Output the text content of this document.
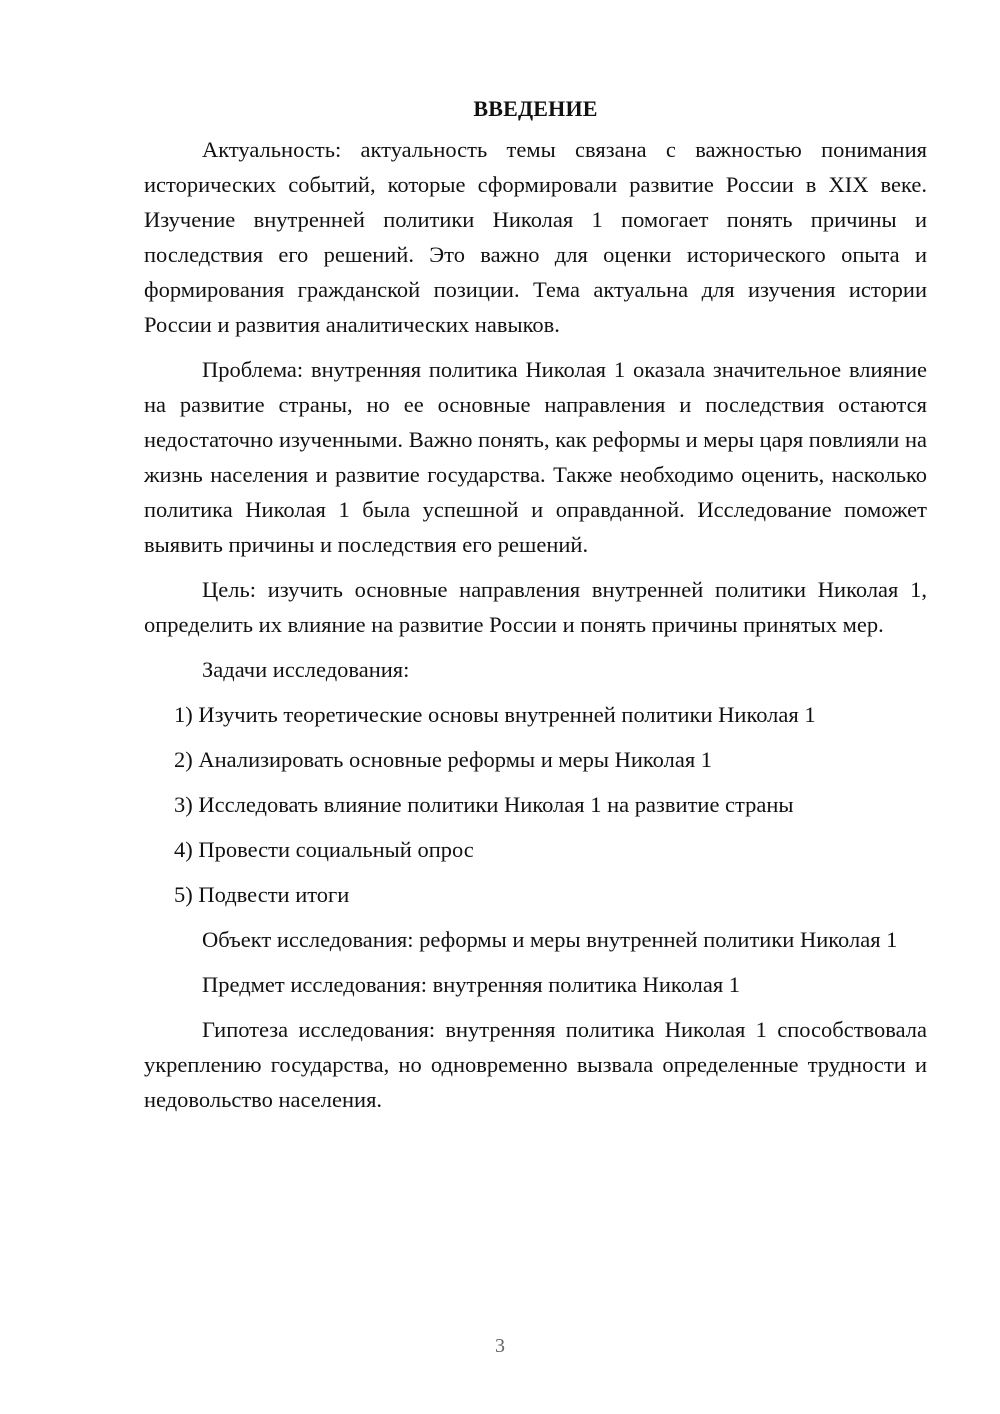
ВВЕДЕНИЕ

Актуальность: актуальность темы связана с важностью понимания исторических событий, которые сформировали развитие России в XIX веке. Изучение внутренней политики Николая 1 помогает понять причины и последствия его решений. Это важно для оценки исторического опыта и формирования гражданской позиции. Тема актуальна для изучения истории России и развития аналитических навыков.

Проблема: внутренняя политика Николая 1 оказала значительное влияние на развитие страны, но ее основные направления и последствия остаются недостаточно изученными. Важно понять, как реформы и меры царя повлияли на жизнь населения и развитие государства. Также необходимо оценить, насколько политика Николая 1 была успешной и оправданной. Исследование поможет выявить причины и последствия его решений.

Цель: изучить основные направления внутренней политики Николая 1, определить их влияние на развитие России и понять причины принятых мер.

Задачи исследования:

1) Изучить теоретические основы внутренней политики Николая 1
2) Анализировать основные реформы и меры Николая 1
3) Исследовать влияние политики Николая 1 на развитие страны
4) Провести социальный опрос
5) Подвести итоги

Объект исследования: реформы и меры внутренней политики Николая 1

Предмет исследования: внутренняя политика Николая 1

Гипотеза исследования: внутренняя политика Николая 1 способствовала укреплению государства, но одновременно вызвала определенные трудности и недовольство населения.

3
